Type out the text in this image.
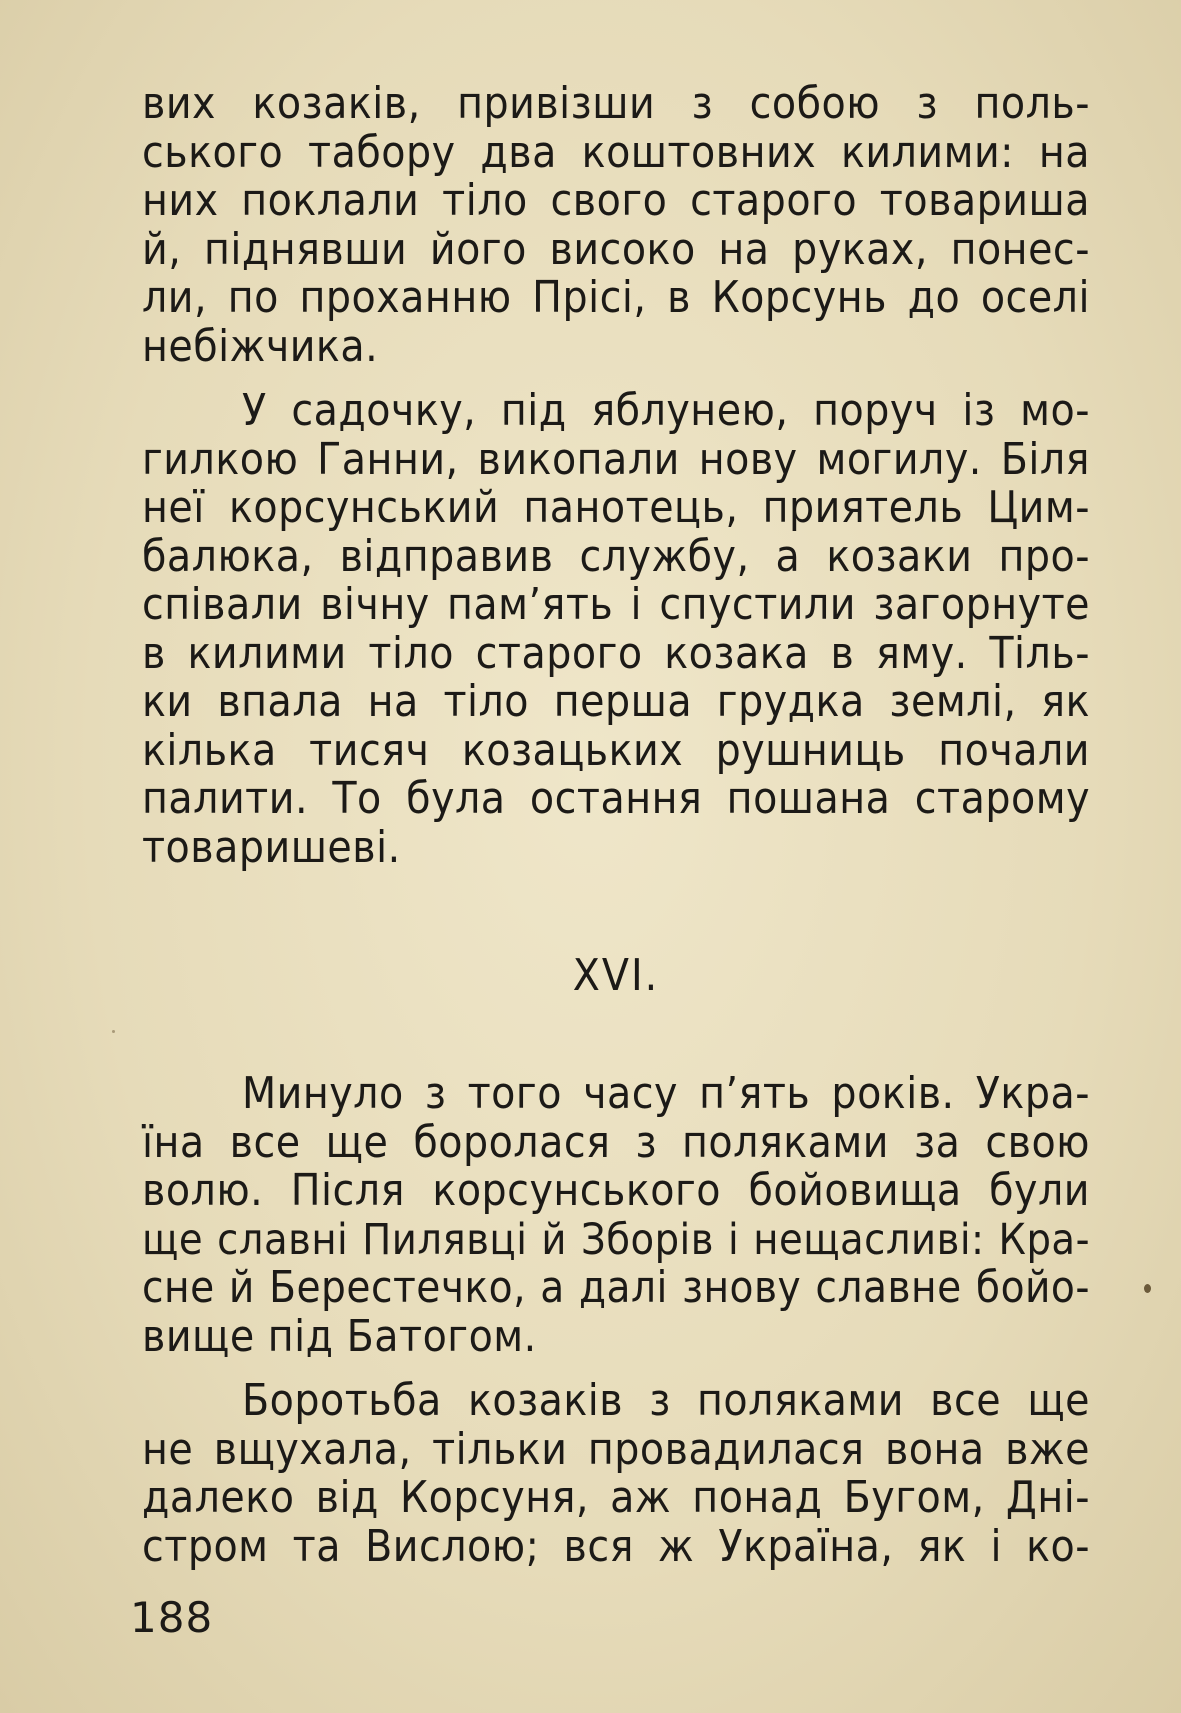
вих козаків, привізши з собою з поль-
ського табору два коштовних килими: на
них поклали тіло свого старого товариша
й, піднявши його високо на руках, понес-
ли, по проханню Прісі, в Корсунь до оселі
небіжчика.
У садочку, під яблунею, поруч із мо-
гилкою Ганни, викопали нову могилу. Біля
неї корсунський панотець, приятель Цим-
балюка, відправив службу, а козаки про-
співали вічну пам’ять і спустили загорнуте
в килими тіло старого козака в яму. Тіль-
ки впала на тіло перша грудка землі, як
кілька тисяч козацьких рушниць почали
палити. То була остання пошана старому
товаришеві.
XVI.
Минуло з того часу п’ять років. Укра-
їна все ще боролася з поляками за свою
волю. Після корсунського бойовища були
ще славні Пилявці й Зборів і нещасливі: Кра-
сне й Берестечко, а далі знову славне бойо-
вище під Батогом.
Боротьба козаків з поляками все ще
не вщухала, тільки провадилася вона вже
далеко від Корсуня, аж понад Бугом, Дні-
стром та Вислою; вся ж Україна, як і ко-
188
